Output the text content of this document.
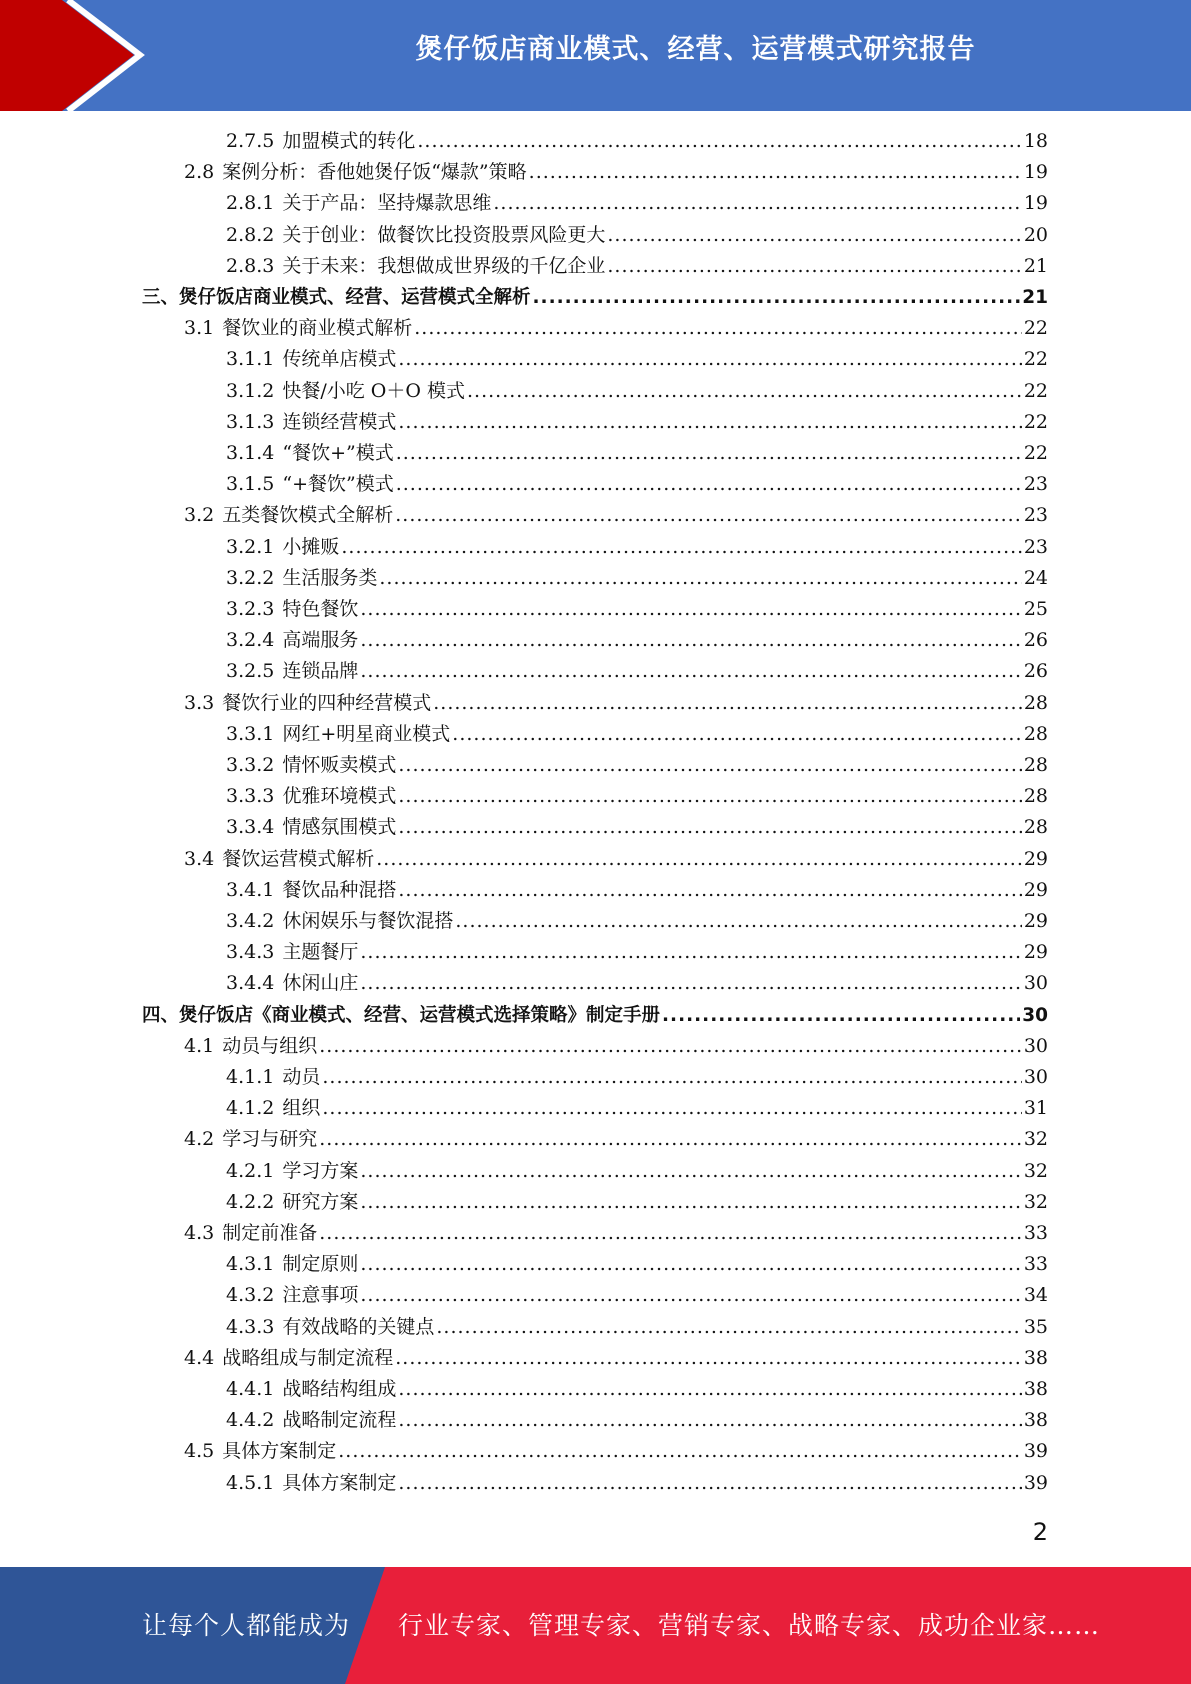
煲仔饭店商业模式、经营、运营模式研究报告
2.7.5 加盟模式的转化 .....	18
2.8 案例分析：香他她煲仔饭“爆款”策略 .....	19
2.8.1 关于产品：坚持爆款思维 .....	19
2.8.2 关于创业：做餐饮比投资股票风险更大 .....	20
2.8.3 关于未来：我想做成世界级的千亿企业 .....	21
三、 煲仔饭店商业模式、经营、运营模式全解析 .....	21
3.1 餐饮业的商业模式解析 .....	22
3.1.1 传统单店模式 .....	22
3.1.2 快餐/小吃 O＋O 模式 .....	22
3.1.3 连锁经营模式 .....	22
3.1.4 “餐饮+”模式 .....	22
3.1.5 “+餐饮”模式 .....	23
3.2 五类餐饮模式全解析 .....	23
3.2.1 小摊贩 .....	23
3.2.2 生活服务类 .....	24
3.2.3 特色餐饮 .....	25
3.2.4 高端服务 .....	26
3.2.5 连锁品牌 .....	26
3.3 餐饮行业的四种经营模式 .....	28
3.3.1 网红+明星商业模式 .....	28
3.3.2 情怀贩卖模式 .....	28
3.3.3 优雅环境模式 .....	28
3.3.4 情感氛围模式 .....	28
3.4 餐饮运营模式解析 .....	29
3.4.1 餐饮品种混搭 .....	29
3.4.2 休闲娱乐与餐饮混搭 .....	29
3.4.3 主题餐厅 .....	29
3.4.4 休闲山庄 .....	30
四、 煲仔饭店《商业模式、经营、运营模式选择策略》制定手册 .....	30
4.1 动员与组织 .....	30
4.1.1 动员 .....	30
4.1.2 组织 .....	31
4.2 学习与研究 .....	32
4.2.1 学习方案 .....	32
4.2.2 研究方案 .....	32
4.3 制定前准备 .....	33
4.3.1 制定原则 .....	33
4.3.2 注意事项 .....	34
4.3.3 有效战略的关键点 .....	35
4.4 战略组成与制定流程 .....	38
4.4.1 战略结构组成 .....	38
4.4.2 战略制定流程 .....	38
4.5 具体方案制定 .....	39
4.5.1 具体方案制定 .....	39
2
让每个人都能成为 行业专家、管理专家、营销专家、战略专家、成功企业家……
